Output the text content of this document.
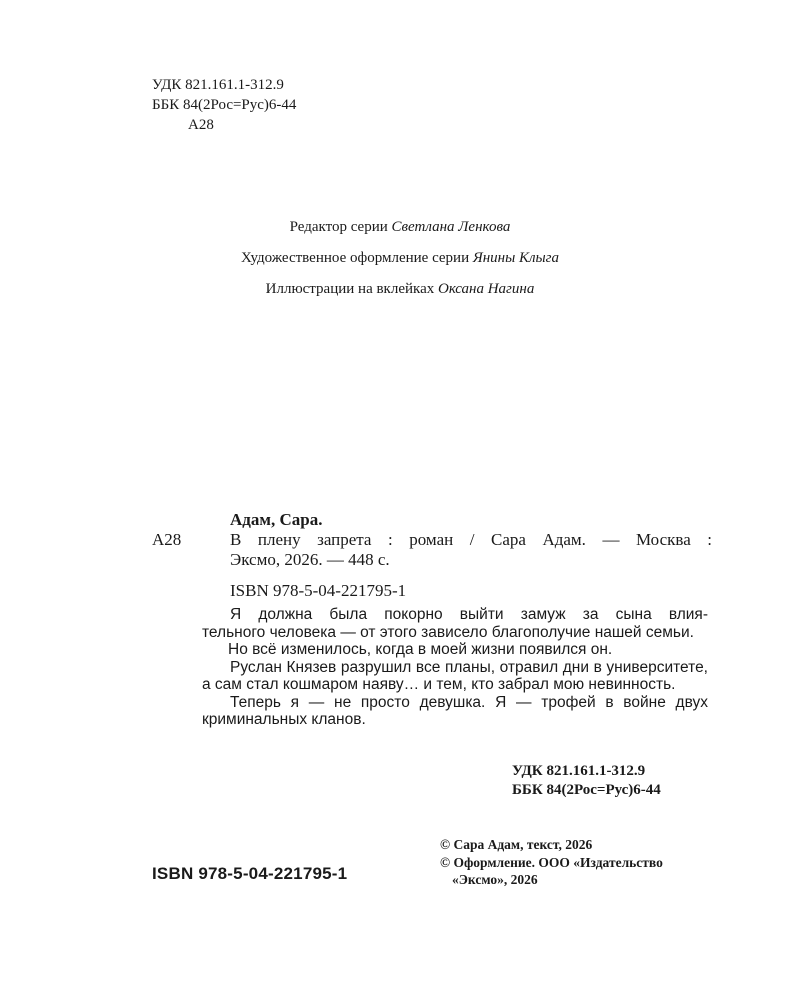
УДК 821.161.1-312.9
ББК 84(2Рос=Рус)6-44
А28
Редактор серии Светлана Ленкова
Художественное оформление серии Янины Клыга
Иллюстрации на вклейках Оксана Нагина
Адам, Сара.
А28	В плену запрета : роман / Сара Адам. — Москва :
Эксмо, 2026. — 448 с.
ISBN 978-5-04-221795-1

Я должна была покорно выйти замуж за сына влия-

тельного человека — от этого зависело благополучие нашей семьи.

Но всё изменилось, когда в моей жизни появился он.

Руслан Князев разрушил все планы, отравил дни в университете, а сам стал кошмаром наяву… и тем, кто забрал мою невинность.

Теперь я — не просто девушка. Я — трофей в войне двух криминальных кланов.

УДК 821.161.1-312.9
ББК 84(2Рос=Рус)6-44
© Сара Адам, текст, 2026
© Оформление. ООО «Издательство
«Эксмо», 2026
ISBN 978-5-04-221795-1
